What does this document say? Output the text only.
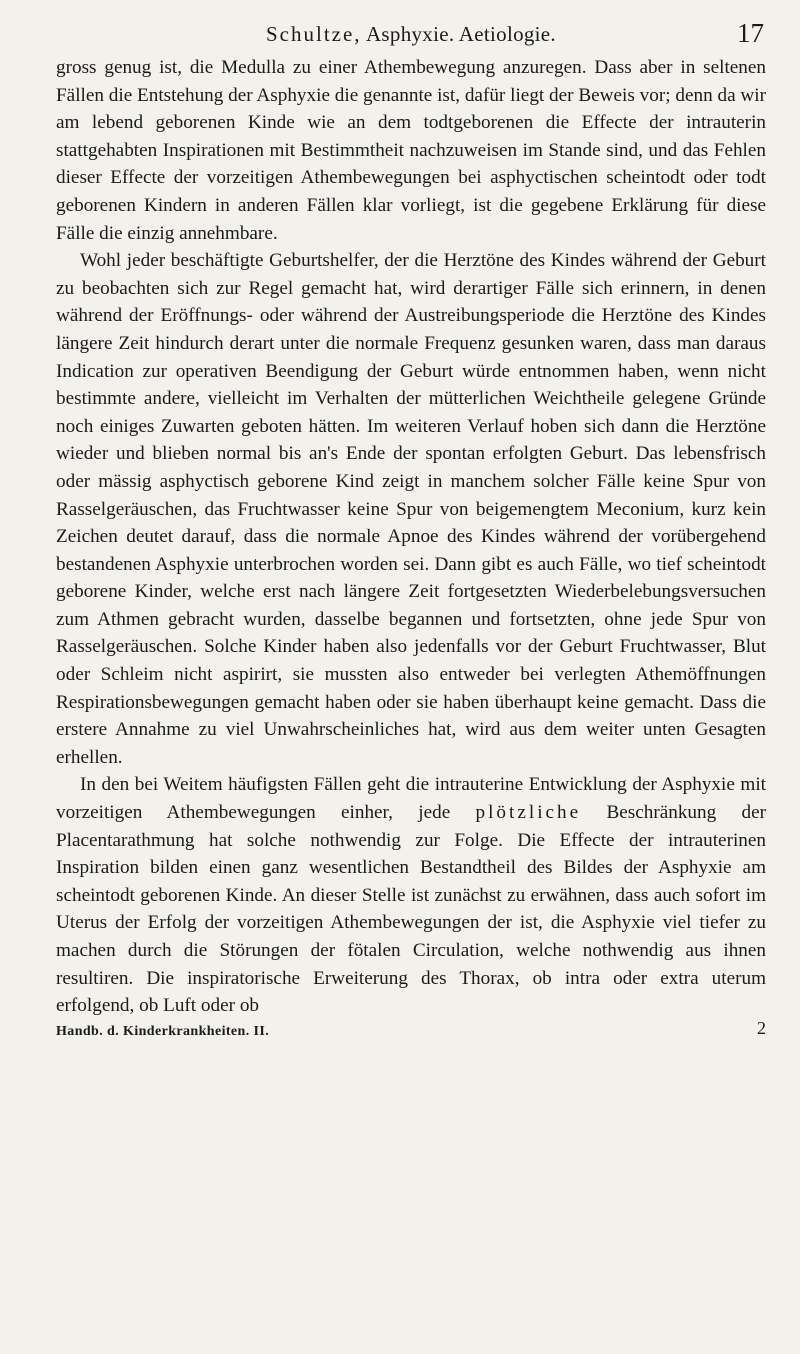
Schultze, Asphyxie. Aetiologie.	17

gross genug ist, die Medulla zu einer Athembewegung anzuregen. Dass aber in seltenen Fällen die Entstehung der Asphyxie die genannte ist, dafür liegt der Beweis vor; denn da wir am lebend geborenen Kinde wie an dem todtgeborenen die Effecte der intrauterin stattgehabten Inspirationen mit Bestimmtheit nachzuweisen im Stande sind, und das Fehlen dieser Effecte der vorzeitigen Athembewegungen bei asphyctischen scheintodt oder todt geborenen Kindern in anderen Fällen klar vorliegt, ist die gegebene Erklärung für diese Fälle die einzig annehmbare.

Wohl jeder beschäftigte Geburtshelfer, der die Herztöne des Kindes während der Geburt zu beobachten sich zur Regel gemacht hat, wird derartiger Fälle sich erinnern, in denen während der Eröffnungs- oder während der Austreibungsperiode die Herztöne des Kindes längere Zeit hindurch derart unter die normale Frequenz gesunken waren, dass man daraus Indication zur operativen Beendigung der Geburt würde entnommen haben, wenn nicht bestimmte andere, vielleicht im Verhalten der mütterlichen Weichtheile gelegene Gründe noch einiges Zuwarten geboten hätten. Im weiteren Verlauf hoben sich dann die Herztöne wieder und blieben normal bis an's Ende der spontan erfolgten Geburt. Das lebensfrisch oder mässig asphyctisch geborene Kind zeigt in manchem solcher Fälle keine Spur von Rasselgeräuschen, das Fruchtwasser keine Spur von beigemengtem Meconium, kurz kein Zeichen deutet darauf, dass die normale Apnoe des Kindes während der vorübergehend bestandenen Asphyxie unterbrochen worden sei. Dann gibt es auch Fälle, wo tief scheintodt geborene Kinder, welche erst nach längere Zeit fortgesetzten Wiederbelebungsversuchen zum Athmen gebracht wurden, dasselbe begannen und fortsetzten, ohne jede Spur von Rasselgeräuschen. Solche Kinder haben also jedenfalls vor der Geburt Fruchtwasser, Blut oder Schleim nicht aspirirt, sie mussten also entweder bei verlegten Athemöffnungen Respirationsbewegungen gemacht haben oder sie haben überhaupt keine gemacht. Dass die erstere Annahme zu viel Unwahrscheinliches hat, wird aus dem weiter unten Gesagten erhellen.

In den bei Weitem häufigsten Fällen geht die intrauterine Entwicklung der Asphyxie mit vorzeitigen Athembewegungen einher, jede plötzliche Beschränkung der Placentarathmung hat solche nothwendig zur Folge. Die Effecte der intrauterinen Inspiration bilden einen ganz wesentlichen Bestandtheil des Bildes der Asphyxie am scheintodt geborenen Kinde. An dieser Stelle ist zunächst zu erwähnen, dass auch sofort im Uterus der Erfolg der vorzeitigen Athembewegungen der ist, die Asphyxie viel tiefer zu machen durch die Störungen der fötalen Circulation, welche nothwendig aus ihnen resultiren. Die inspiratorische Erweiterung des Thorax, ob intra oder extra uterum erfolgend, ob Luft oder ob

Handb. d. Kinderkrankheiten. II.	2
